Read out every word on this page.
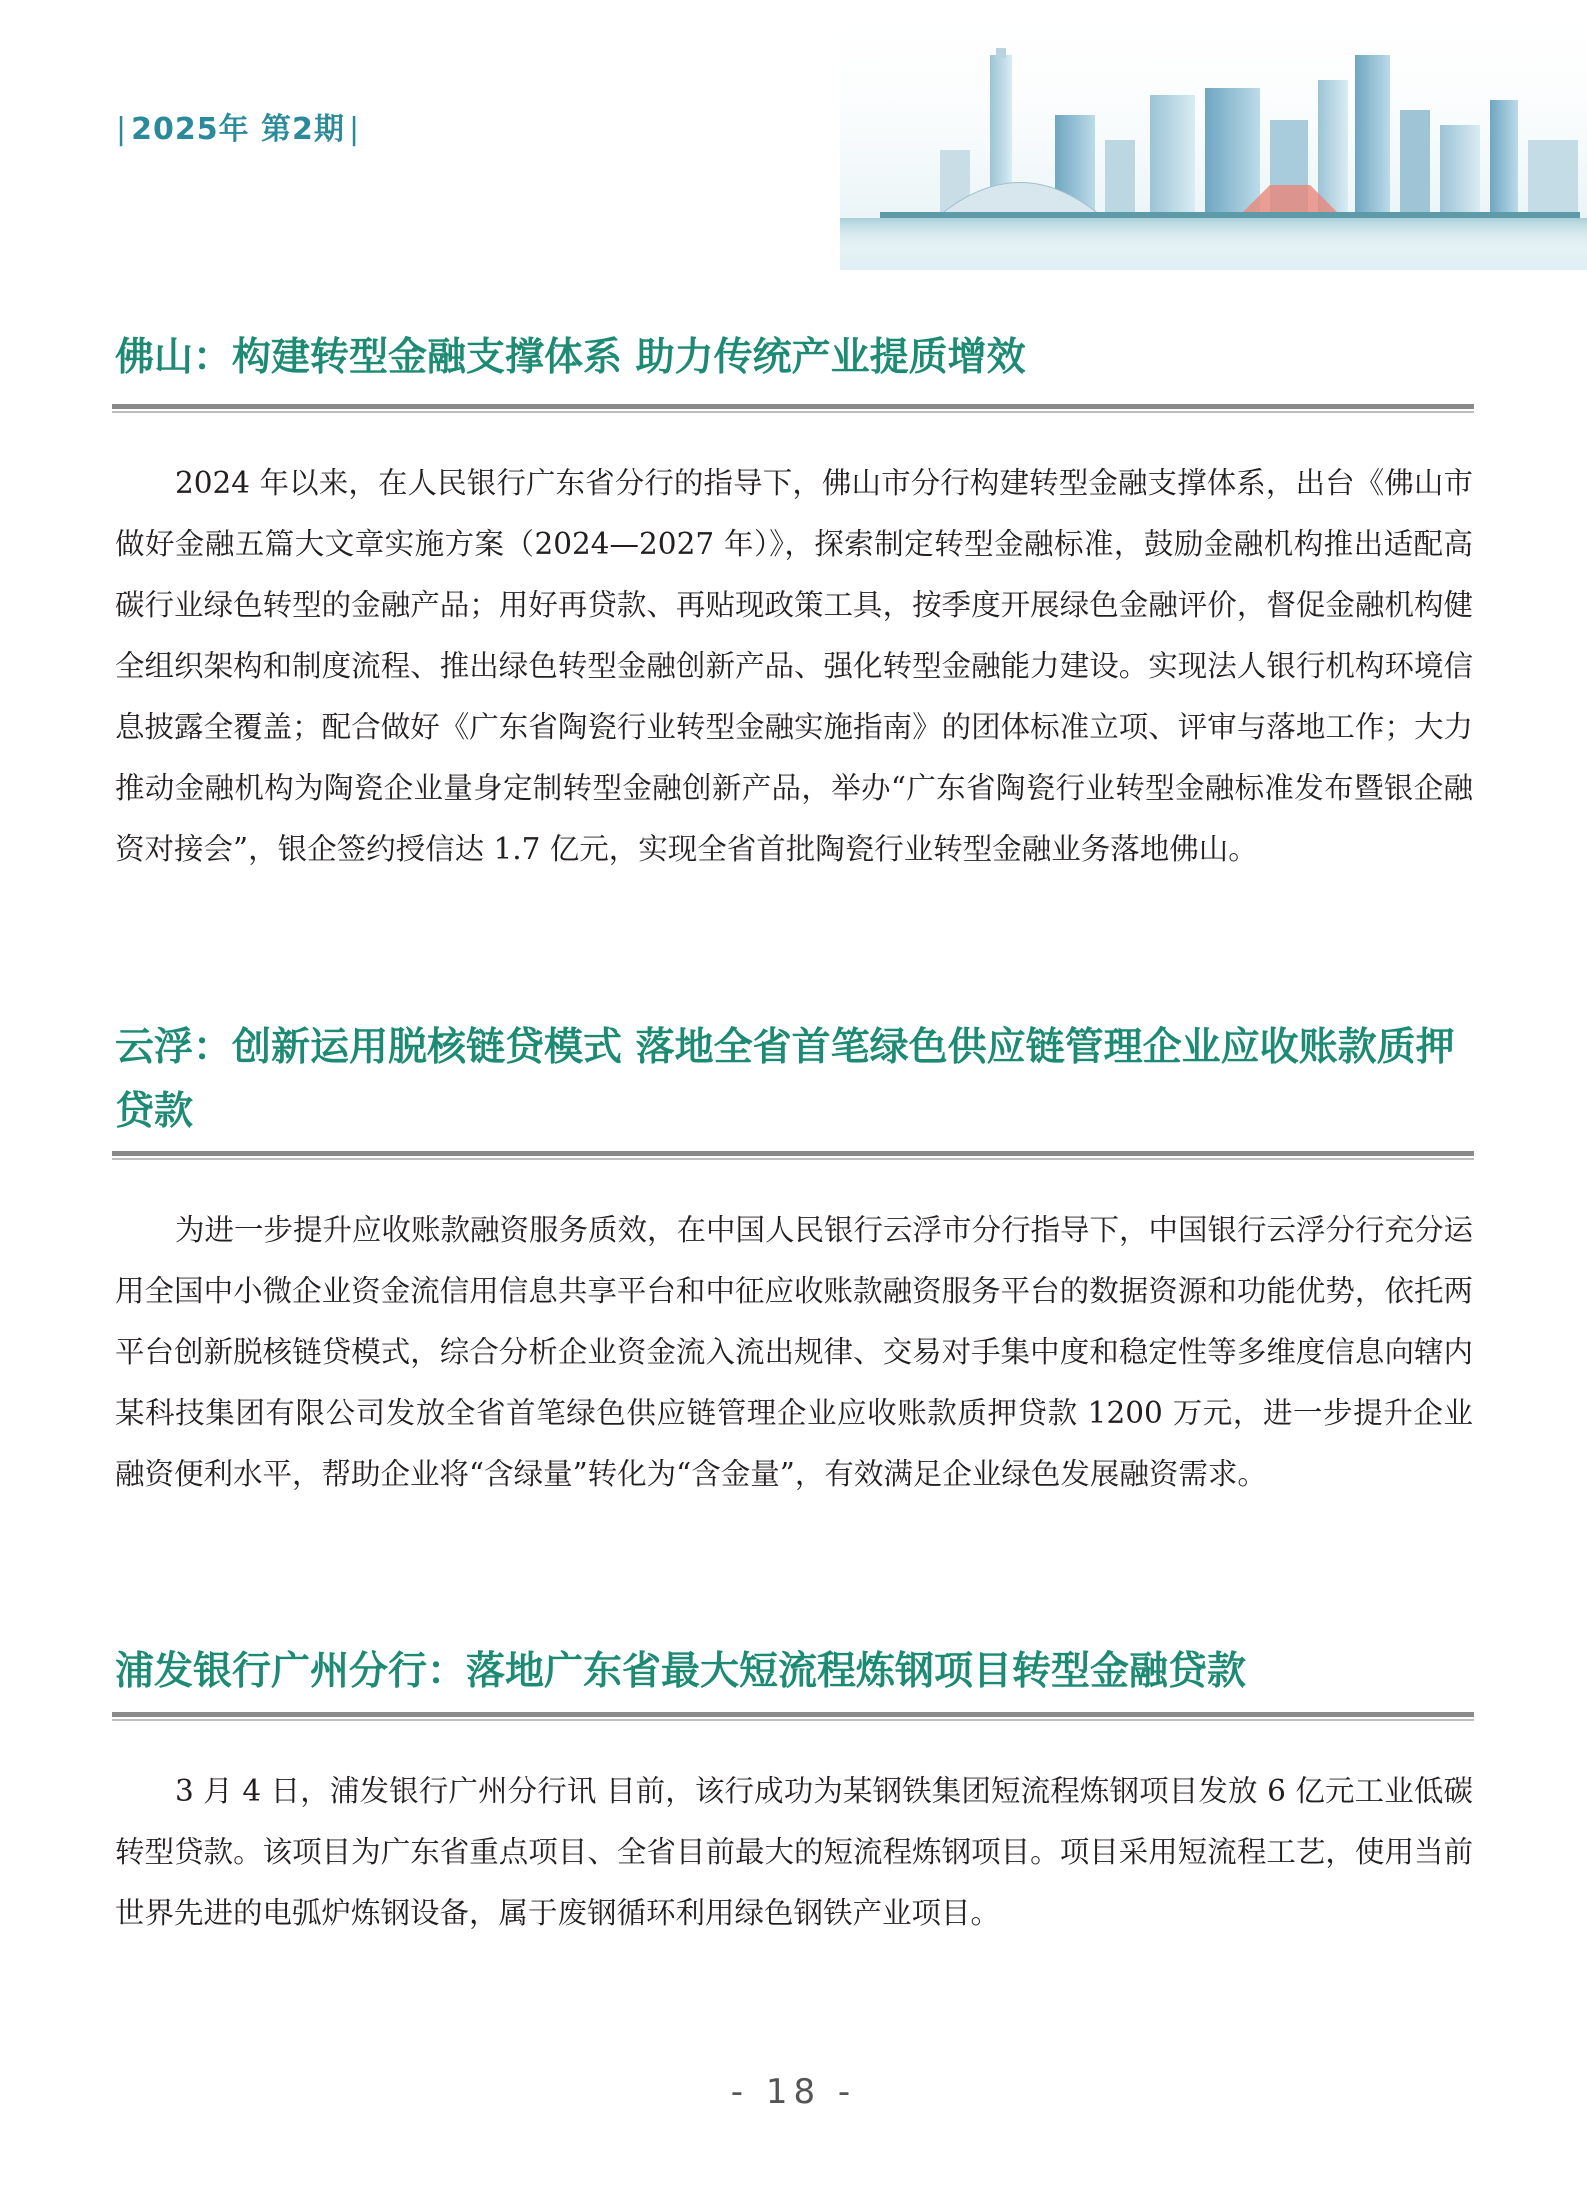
| 2025年 第2期 |
佛山：构建转型金融支撑体系 助力传统产业提质增效

2024 年以来，在人民银行广东省分行的指导下，佛山市分行构建转型金融支撑体系，出台《佛山市做好金融五篇大文章实施方案（2024—2027 年）》，探索制定转型金融标准，鼓励金融机构推出适配高碳行业绿色转型的金融产品；用好再贷款、再贴现政策工具，按季度开展绿色金融评价，督促金融机构健全组织架构和制度流程、推出绿色转型金融创新产品、强化转型金融能力建设。实现法人银行机构环境信息披露全覆盖；配合做好《广东省陶瓷行业转型金融实施指南》的团体标准立项、评审与落地工作；大力推动金融机构为陶瓷企业量身定制转型金融创新产品，举办“广东省陶瓷行业转型金融标准发布暨银企融资对接会”，银企签约授信达 1.7 亿元，实现全省首批陶瓷行业转型金融业务落地佛山。

云浮：创新运用脱核链贷模式 落地全省首笔绿色供应链管理企业应收账款质押贷款

为进一步提升应收账款融资服务质效，在中国人民银行云浮市分行指导下，中国银行云浮分行充分运用全国中小微企业资金流信用信息共享平台和中征应收账款融资服务平台的数据资源和功能优势，依托两平台创新脱核链贷模式，综合分析企业资金流入流出规律、交易对手集中度和稳定性等多维度信息向辖内某科技集团有限公司发放全省首笔绿色供应链管理企业应收账款质押贷款 1200 万元，进一步提升企业融资便利水平，帮助企业将“含绿量”转化为“含金量”，有效满足企业绿色发展融资需求。

浦发银行广州分行：落地广东省最大短流程炼钢项目转型金融贷款

3 月 4 日，浦发银行广州分行讯 目前，该行成功为某钢铁集团短流程炼钢项目发放 6 亿元工业低碳转型贷款。该项目为广东省重点项目、全省目前最大的短流程炼钢项目。项目采用短流程工艺，使用当前世界先进的电弧炉炼钢设备，属于废钢循环利用绿色钢铁产业项目。

- 18 -
